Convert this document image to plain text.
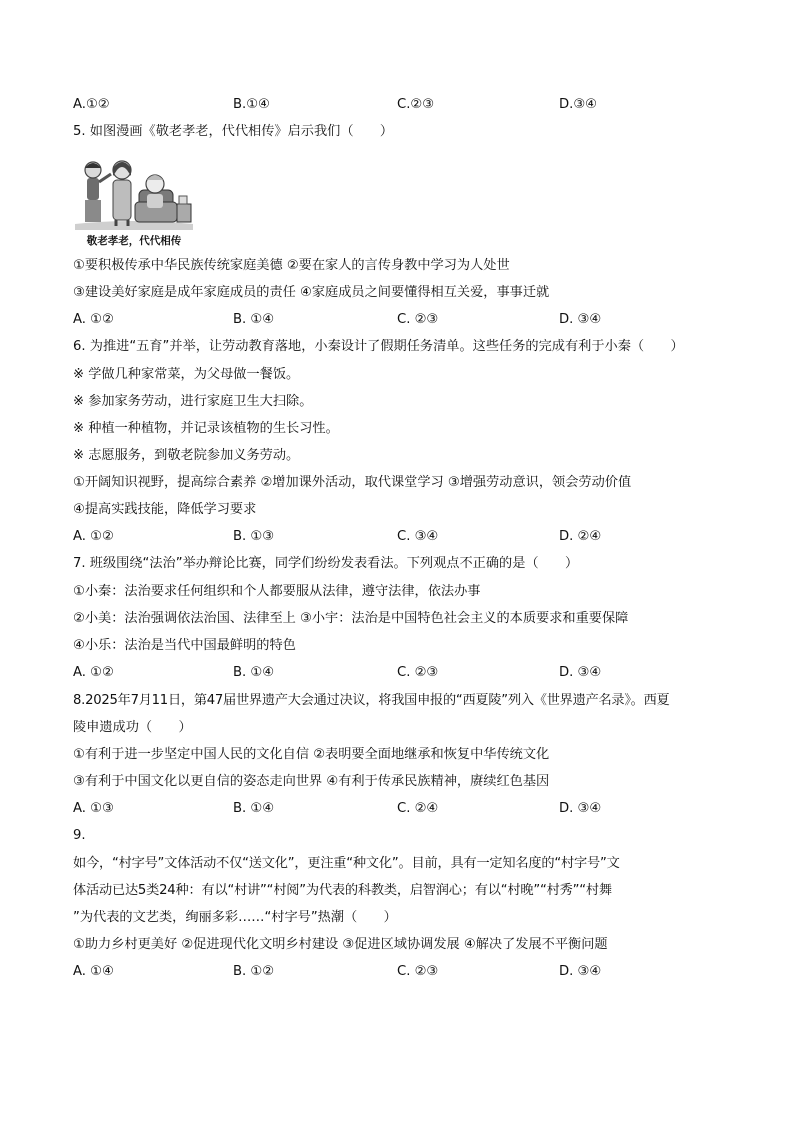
A.①②	B.①④	C.②③	D.③④
5. 如图漫画《敬老孝老，代代相传》启示我们（　　）
敬老孝老，代代相传
①要积极传承中华民族传统家庭美德 ②要在家人的言传身教中学习为人处世
③建设美好家庭是成年家庭成员的责任 ④家庭成员之间要懂得相互关爱，事事迁就
A. ①②	B. ①④	C. ②③	D. ③④
6. 为推进“五育”并举，让劳动教育落地，小秦设计了假期任务清单。这些任务的完成有利于小秦（　　）
※ 学做几种家常菜，为父母做一餐饭。
※ 参加家务劳动，进行家庭卫生大扫除。
※ 种植一种植物，并记录该植物的生长习性。
※ 志愿服务，到敬老院参加义务劳动。
①开阔知识视野，提高综合素养 ②增加课外活动，取代课堂学习 ③增强劳动意识，领会劳动价值
④提高实践技能，降低学习要求
A. ①②	B. ①③	C. ③④	D. ②④
7. 班级围绕“法治”举办辩论比赛，同学们纷纷发表看法。下列观点不正确的是（　　）
①小秦：法治要求任何组织和个人都要服从法律，遵守法律，依法办事
②小美：法治强调依法治国、法律至上 ③小宇：法治是中国特色社会主义的本质要求和重要保障
④小乐：法治是当代中国最鲜明的特色
A. ①②	B. ①④	C. ②③	D. ③④
8.2025年7月11日，第47届世界遗产大会通过决议，将我国申报的“西夏陵”列入《世界遗产名录》。西夏
陵申遗成功（　　）
①有利于进一步坚定中国人民的文化自信 ②表明要全面地继承和恢复中华传统文化
③有利于中国文化以更自信的姿态走向世界 ④有利于传承民族精神，赓续红色基因
A. ①③	B. ①④	C. ②④	D. ③④
9.
如今，“村字号”文体活动不仅“送文化”，更注重“种文化”。目前，具有一定知名度的“村字号”文
体活动已达5类24种：有以“村讲”“村阅”为代表的科教类，启智润心；有以“村晚”“村秀”“村舞
”为代表的文艺类，绚丽多彩……“村字号”热潮（　　）
①助力乡村更美好 ②促进现代化文明乡村建设 ③促进区域协调发展 ④解决了发展不平衡问题
A. ①④	B. ①②	C. ②③	D. ③④
